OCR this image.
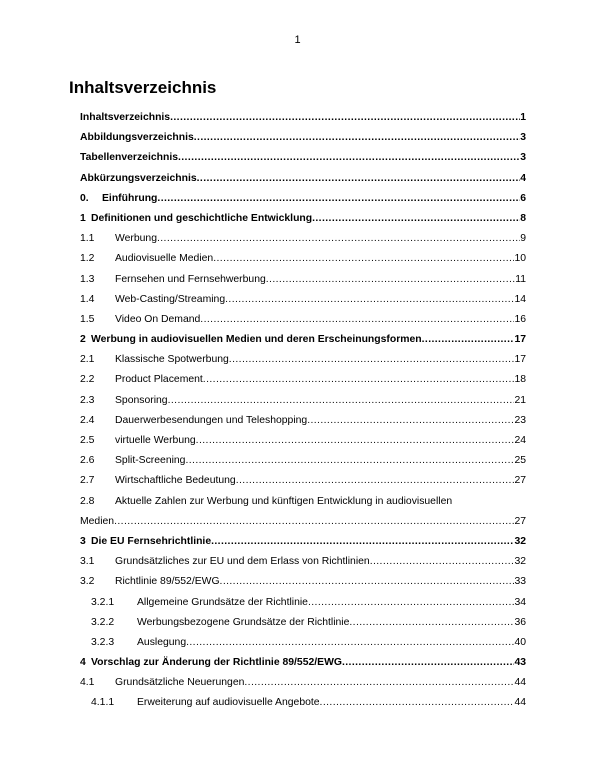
1
Inhaltsverzeichnis
Inhaltsverzeichnis .....	1
Abbildungsverzeichnis .....	3
Tabellenverzeichnis .....	3
Abkürzungsverzeichnis .....	4
0.	Einführung .....	6
1 Definitionen und geschichtliche Entwicklung .....	8
1.1	Werbung .....	9
1.2	Audiovisuelle Medien .....	10
1.3	Fernsehen und Fernsehwerbung .....	11
1.4	Web-Casting/Streaming .....	14
1.5	Video On Demand .....	16
2 Werbung in audiovisuellen Medien und deren Erscheinungsformen .....	17
2.1	Klassische Spotwerbung .....	17
2.2	Product Placement .....	18
2.3	Sponsoring .....	21
2.4	Dauerwerbesendungen und Teleshopping .....	23
2.5	virtuelle Werbung .....	24
2.6	Split-Screening .....	25
2.7	Wirtschaftliche Bedeutung .....	27
2.8	Aktuelle Zahlen zur Werbung und künftigen Entwicklung in audiovisuellen
Medien .....	27
3 Die EU Fernsehrichtlinie .....	32
3.1	Grundsätzliches zur EU und dem Erlass von Richtlinien .....	32
3.2	Richtlinie 89/552/EWG .....	33
3.2.1	Allgemeine Grundsätze der Richtlinie .....	34
3.2.2	Werbungsbezogene Grundsätze der Richtlinie .....	36
3.2.3	Auslegung .....	40
4 Vorschlag zur Änderung der Richtlinie 89/552/EWG .....	43
4.1	Grundsätzliche Neuerungen .....	44
4.1.1	Erweiterung auf audiovisuelle Angebote .....	44
